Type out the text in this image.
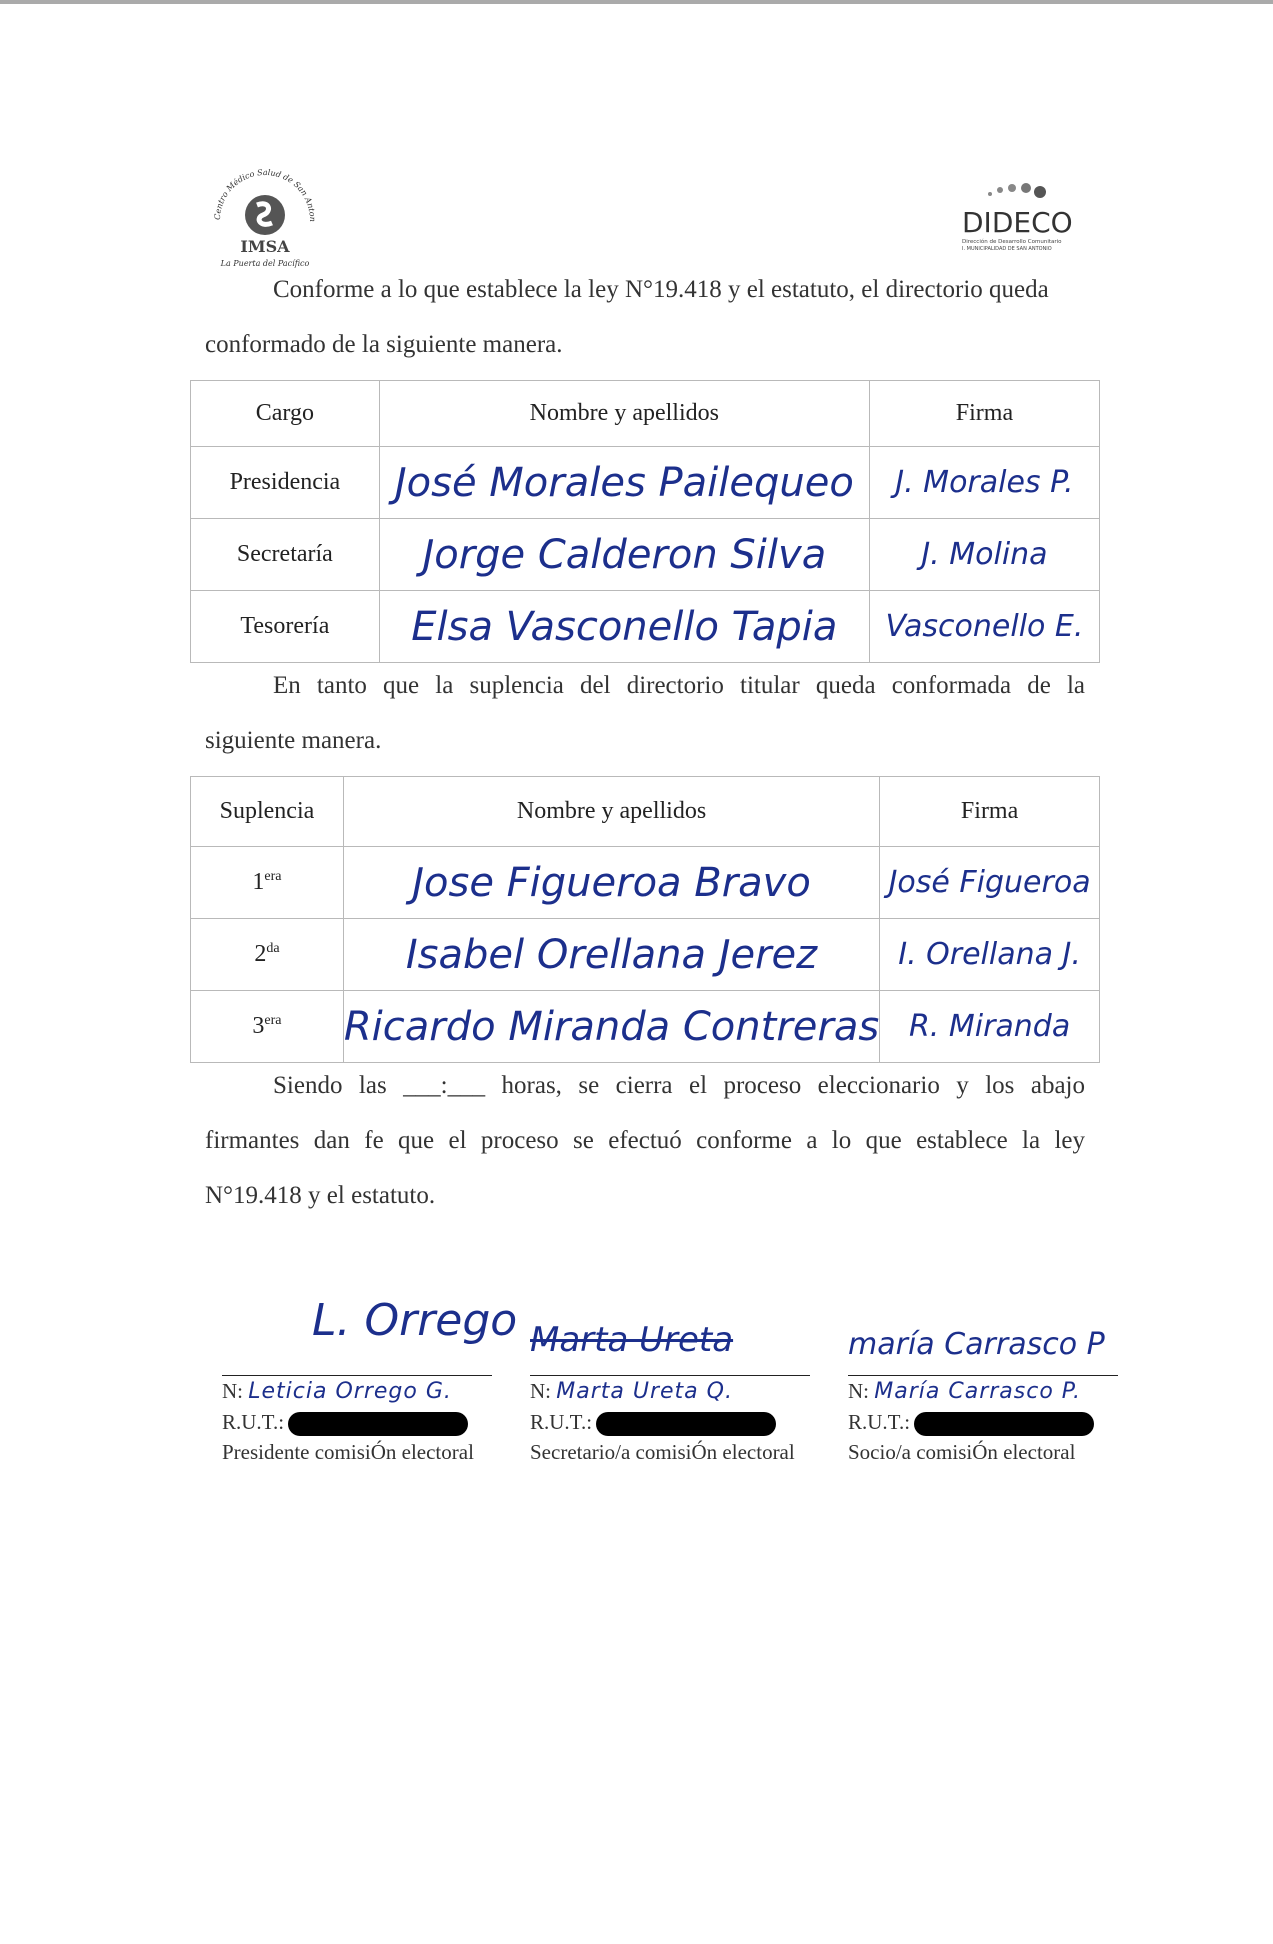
Centro Médico Salud de San Anton
IMSA
La Puerta del Pacífico
DIDECO
Dirección de Desarrollo Comunitario
I. MUNICIPALIDAD DE SAN ANTONIO
Conforme a lo que establece la ley N°19.418 y el estatuto, el directorio queda
conformado de la siguiente manera.
Cargo	Nombre y apellidos	Firma
Presidencia	José Morales Pailequeo	J. Morales P.
Secretaría	Jorge Calderon Silva	J. Molina
Tesorería	Elsa Vasconello Tapia	Vasconello E.
En tanto que la suplencia del directorio titular queda conformada de la
siguiente manera.
Suplencia	Nombre y apellidos	Firma
$1^{era}$	Jose Figueroa Bravo	José Figueroa
$2^{da}$	Isabel Orellana Jerez	I. Orellana J.
$3^{era}$	Ricardo Miranda Contreras	R. Miranda
Siendo las ___:___ horas, se cierra el proceso eleccionario y los abajo
firmantes dan fe que el proceso se efectuó conforme a lo que establece la ley
N°19.418 y el estatuto.
L. Orrego
N: Leticia Orrego G.
R.U.T.:
Presidente comisiÓn electoral
Marta Ureta
N: Marta Ureta Q.
R.U.T.:
Secretario/a comisiÓn electoral
maría Carrasco P
N: María Carrasco P.
R.U.T.:
Socio/a comisiÓn electoral
